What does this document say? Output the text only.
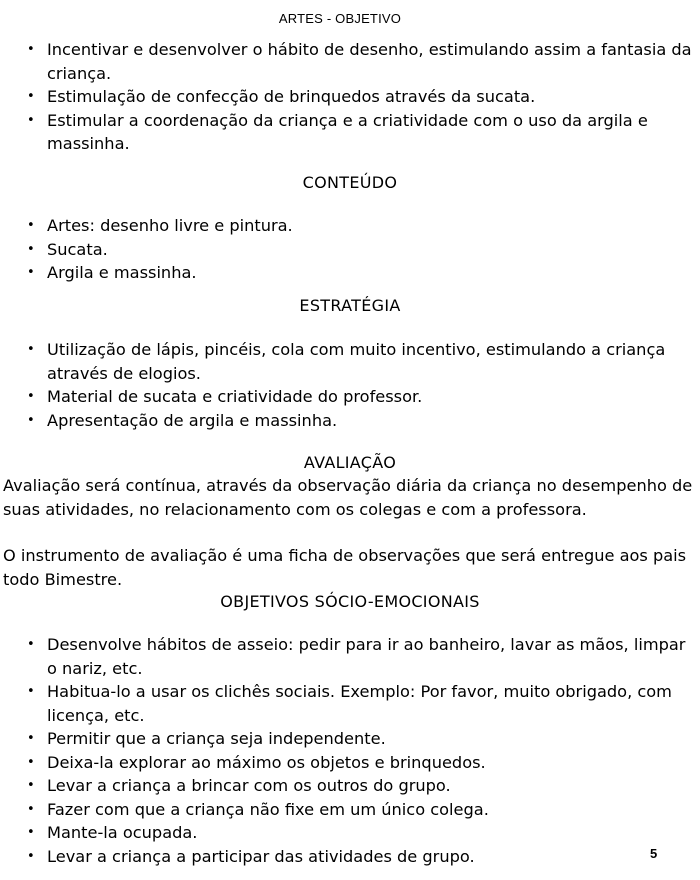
ARTES - OBJETIVO
• Incentivar e desenvolver o hábito de desenho, estimulando assim a fantasia da criança.
• Estimulação de confecção de brinquedos através da sucata.
• Estimular a coordenação da criança e a criatividade com o uso da argila e massinha.
CONTEÚDO
• Artes: desenho livre e pintura.
• Sucata.
• Argila e massinha.
ESTRATÉGIA
• Utilização de lápis, pincéis, cola com muito incentivo, estimulando a criança através de elogios.
• Material de sucata e criatividade do professor.
• Apresentação de argila e massinha.
AVALIAÇÃO

Avaliação será contínua, através da observação diária da criança no desempenho de suas atividades, no relacionamento com os colegas e com a professora.

O instrumento de avaliação é uma ficha de observações que será entregue aos pais todo Bimestre.

OBJETIVOS SÓCIO-EMOCIONAIS
• Desenvolve hábitos de asseio: pedir para ir ao banheiro, lavar as mãos, limpar o nariz, etc.
• Habitua-lo a usar os clichês sociais. Exemplo: Por favor, muito obrigado, com licença, etc.
• Permitir que a criança seja independente.
• Deixa-la explorar ao máximo os objetos e brinquedos.
• Levar a criança a brincar com os outros do grupo.
• Fazer com que a criança não fixe em um único colega.
• Mante-la ocupada.
• Levar a criança a participar das atividades de grupo.	5
